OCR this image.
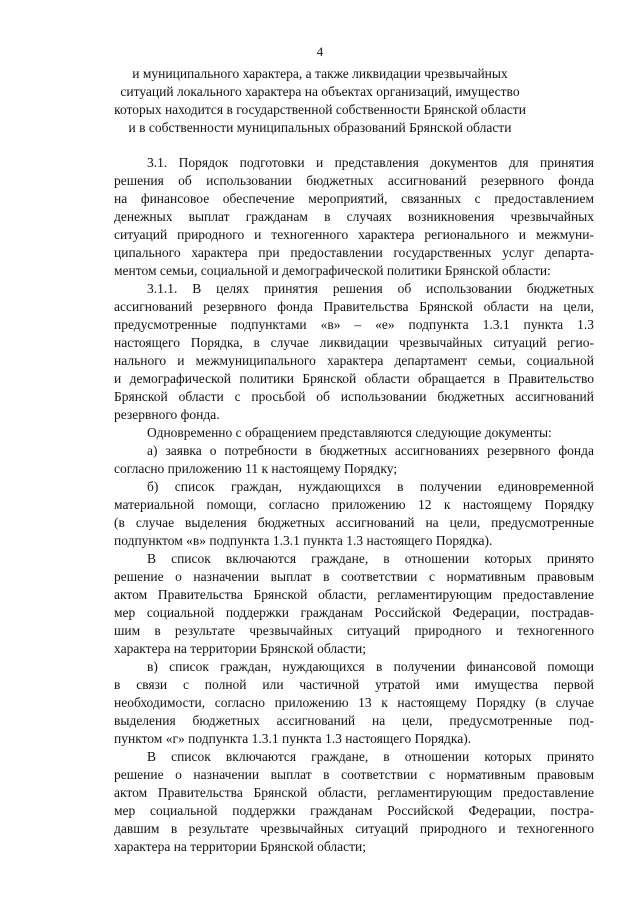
4
и муниципального характера, а также ликвидации чрезвычайных
ситуаций локального характера на объектах организаций, имущество
которых находится в государственной собственности Брянской области
и в собственности муниципальных образований Брянской области
3.1. Порядок подготовки и представления документов для принятия
решения об использовании бюджетных ассигнований резервного фонда
на финансовое обеспечение мероприятий, связанных с предоставлением
денежных выплат гражданам в случаях возникновения чрезвычайных
ситуаций природного и техногенного характера регионального и межмуни-
ципального характера при предоставлении государственных услуг департа-
ментом семьи, социальной и демографической политики Брянской области:
3.1.1. В целях принятия решения об использовании бюджетных
ассигнований резервного фонда Правительства Брянской области на цели,
предусмотренные подпунктами «в» – «е» подпункта 1.3.1 пункта 1.3
настоящего Порядка, в случае ликвидации чрезвычайных ситуаций регио-
нального и межмуниципального характера департамент семьи, социальной
и демографической политики Брянской области обращается в Правительство
Брянской области с просьбой об использовании бюджетных ассигнований
резервного фонда.
Одновременно с обращением представляются следующие документы:
а) заявка о потребности в бюджетных ассигнованиях резервного фонда
согласно приложению 11 к настоящему Порядку;
б) список граждан, нуждающихся в получении единовременной
материальной помощи, согласно приложению 12 к настоящему Порядку
(в случае выделения бюджетных ассигнований на цели, предусмотренные
подпунктом «в» подпункта 1.3.1 пункта 1.3 настоящего Порядка).
В список включаются граждане, в отношении которых принято
решение о назначении выплат в соответствии с нормативным правовым
актом Правительства Брянской области, регламентирующим предоставление
мер социальной поддержки гражданам Российской Федерации, пострадав-
шим в результате чрезвычайных ситуаций природного и техногенного
характера на территории Брянской области;
в) список граждан, нуждающихся в получении финансовой помощи
в связи с полной или частичной утратой ими имущества первой
необходимости, согласно приложению 13 к настоящему Порядку (в случае
выделения бюджетных ассигнований на цели, предусмотренные под-
пунктом «г» подпункта 1.3.1 пункта 1.3 настоящего Порядка).
В список включаются граждане, в отношении которых принято
решение о назначении выплат в соответствии с нормативным правовым
актом Правительства Брянской области, регламентирующим предоставление
мер социальной поддержки гражданам Российской Федерации, постра-
давшим в результате чрезвычайных ситуаций природного и техногенного
характера на территории Брянской области;
